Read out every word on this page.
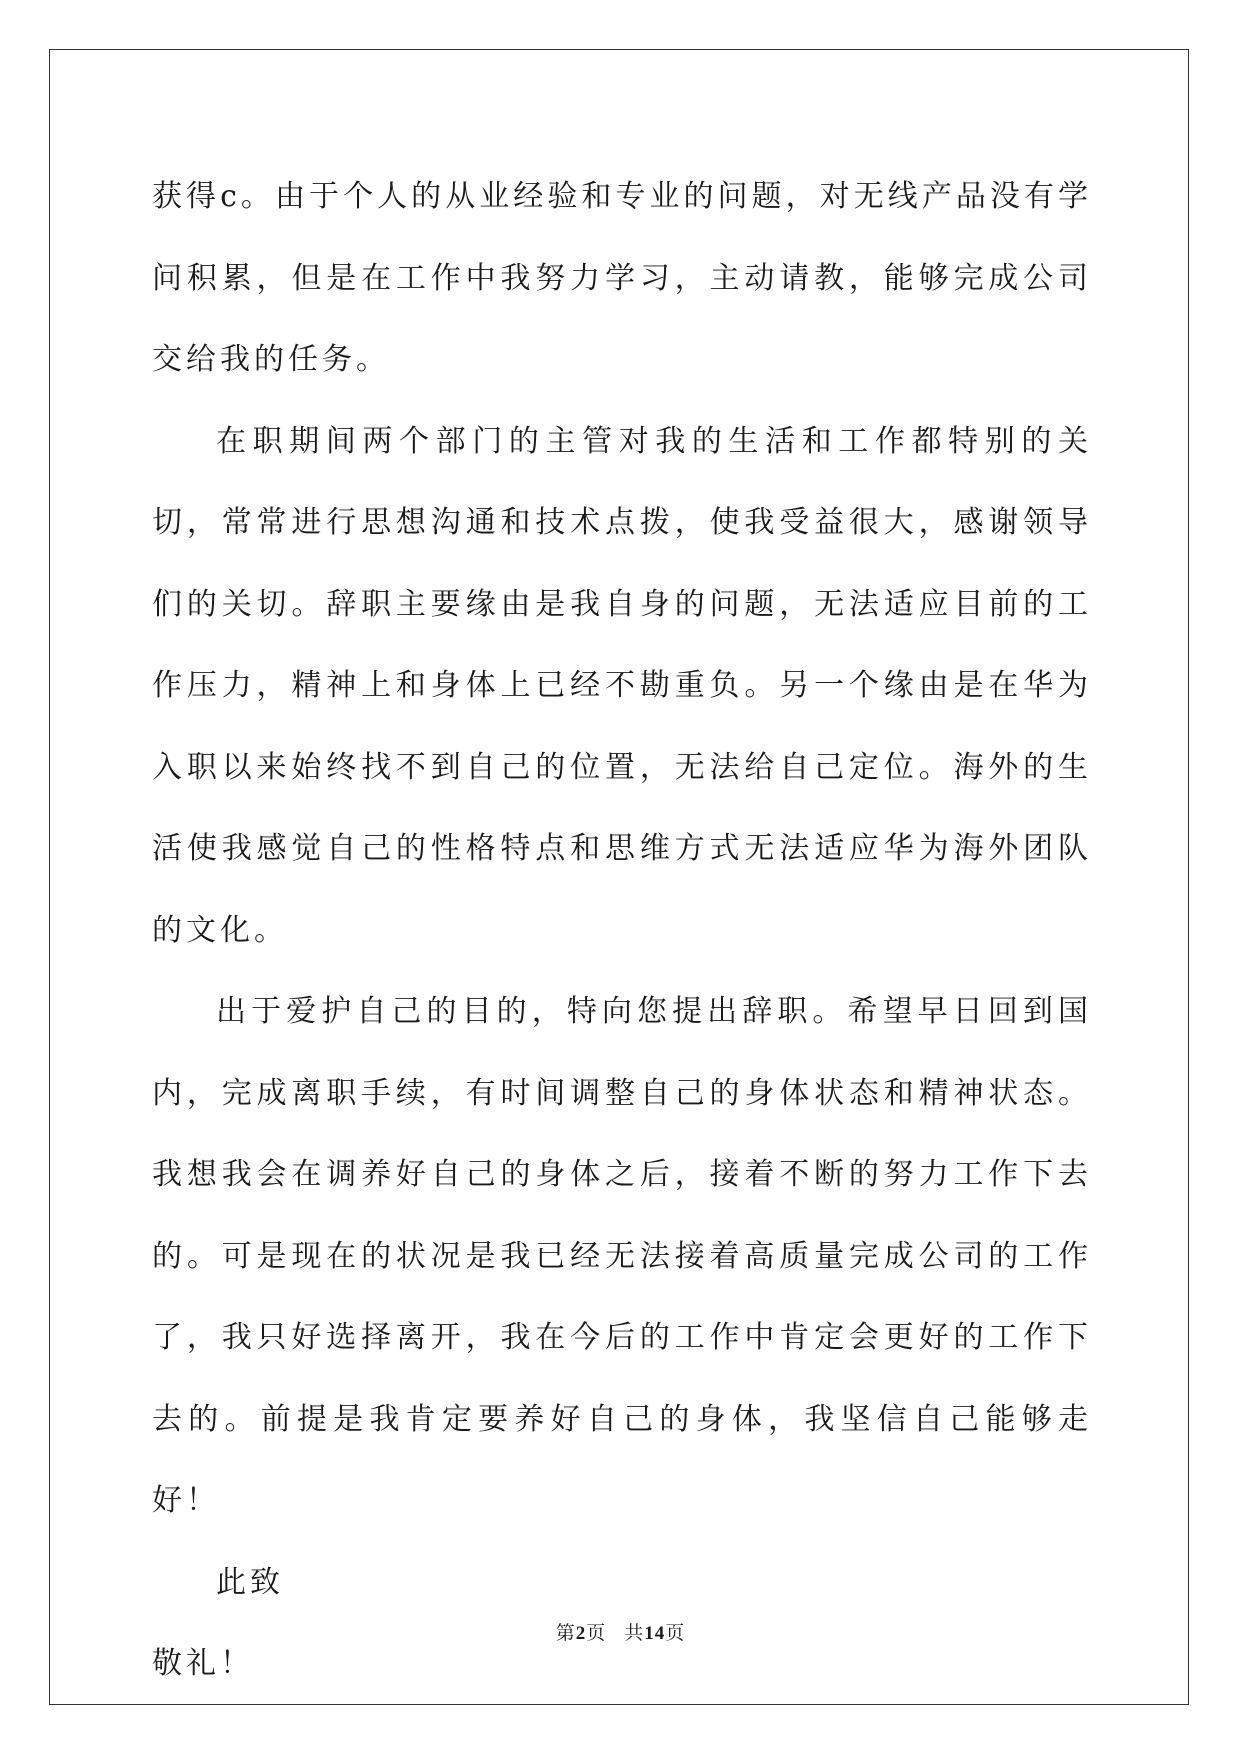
获得c。由于个人的从业经验和专业的问题，对无线产品没有学问积累，但是在工作中我努力学习，主动请教，能够完成公司交给我的任务。

在职期间两个部门的主管对我的生活和工作都特别的关切，常常进行思想沟通和技术点拨，使我受益很大，感谢领导们的关切。辞职主要缘由是我自身的问题，无法适应目前的工作压力，精神上和身体上已经不勘重负。另一个缘由是在华为入职以来始终找不到自己的位置，无法给自己定位。海外的生活使我感觉自己的性格特点和思维方式无法适应华为海外团队的文化。

出于爱护自己的目的，特向您提出辞职。希望早日回到国内，完成离职手续，有时间调整自己的身体状态和精神状态。我想我会在调养好自己的身体之后，接着不断的努力工作下去的。可是现在的状况是我已经无法接着高质量完成公司的工作了，我只好选择离开，我在今后的工作中肯定会更好的工作下去的。前提是我肯定要养好自己的身体，我坚信自己能够走好！

此致

敬礼！

第2页 共14页
